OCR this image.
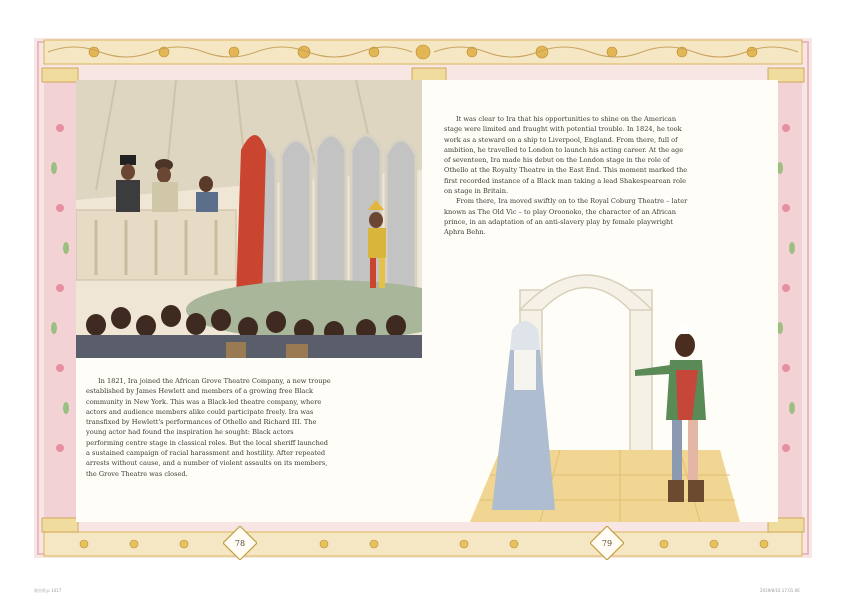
In 1821, Ira joined the African Grove Theatre Company, a new troupe established by James Hewlett and members of a growing free Black community in New York. This was a Black-led theatre company, where actors and audience members alike could participate freely. Ira was transfixed by Hewlett's performances of Othello and Richard III. The young actor had found the inspiration he sought: Black actors performing centre stage in classical roles. But the local sheriff launched a sustained campaign of racial harassment and hostility. After repeated arrests without cause, and a number of violent assaults on its members, the Grove Theatre was closed.

It was clear to Ira that his opportunities to shine on the American stage were limited and fraught with potential trouble. In 1824, he took work as a steward on a ship to Liverpool, England. From there, full of ambition, he travelled to London to launch his acting career. At the age of seventeen, Ira made his debut on the London stage in the role of Othello at the Royalty Theatre in the East End. This moment marked the first recorded instance of a Black man taking a lead Shakespearean role on stage in Britain.

From there, Ira moved swiftly on to the Royal Coburg Theatre – later known as The Old Vic – to play Oroonoko, the character of an African prince, in an adaptation of an anti-slavery play by female playwright Aphra Behn.

78	79
准由装.p 1417	2019/8/16 17:01.06
